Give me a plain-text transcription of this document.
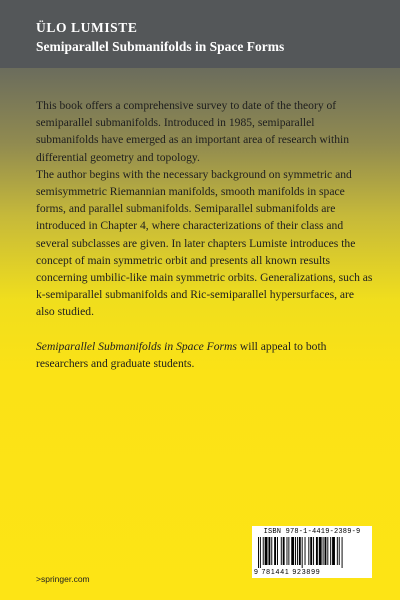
ÜLO LUMISTE
Semiparallel Submanifolds in Space Forms

This book offers a comprehensive survey to date of the theory of semiparallel submanifolds. Introduced in 1985, semiparallel submanifolds have emerged as an important area of research within differential geometry and topology.

The author begins with the necessary background on symmetric and semisymmetric Riemannian manifolds, smooth manifolds in space forms, and parallel submanifolds. Semiparallel submanifolds are introduced in Chapter 4, where characterizations of their class and several subclasses are given. In later chapters Lumiste introduces the concept of main symmetric orbit and presents all known results concerning umbilic-like main symmetric orbits. Generalizations, such as k-semiparallel submanifolds and Ric-semiparallel hypersurfaces, are also studied.

Semiparallel Submanifolds in Space Forms will appeal to both researchers and graduate students.

ISBN 978-1-4419-2389-9
9 781441 923899

>springer.com
